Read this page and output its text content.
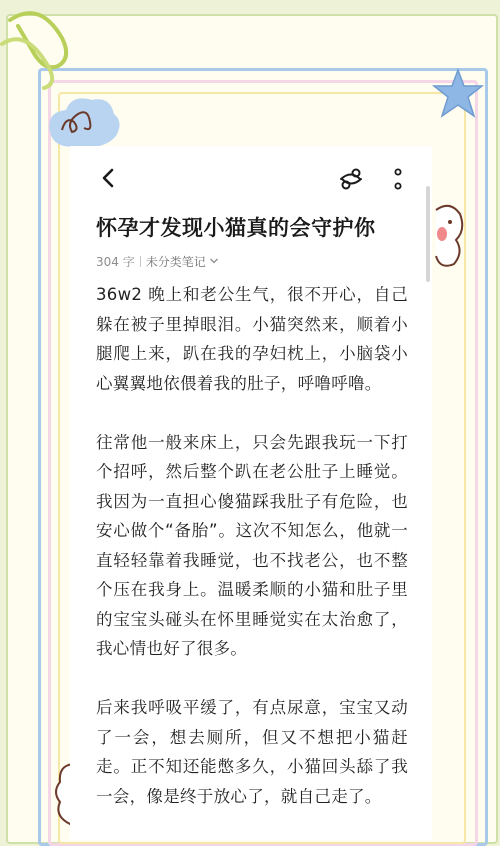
怀孕才发现小猫真的会守护你
304 字 未分类笔记

36w2 晚上和老公生气，很不开心，自己躲在被子里掉眼泪。小猫突然来，顺着小腿爬上来，趴在我的孕妇枕上，小脑袋小心翼翼地依偎着我的肚子，呼噜呼噜。

往常他一般来床上，只会先跟我玩一下打个招呼，然后整个趴在老公肚子上睡觉。我因为一直担心傻猫踩我肚子有危险，也安心做个“备胎”。这次不知怎么，他就一直轻轻靠着我睡觉，也不找老公，也不整个压在我身上。温暖柔顺的小猫和肚子里的宝宝头碰头在怀里睡觉实在太治愈了，我心情也好了很多。

后来我呼吸平缓了，有点尿意，宝宝又动了一会，想去厕所，但又不想把小猫赶走。正不知还能憋多久，小猫回头舔了我一会，像是终于放心了，就自己走了。
